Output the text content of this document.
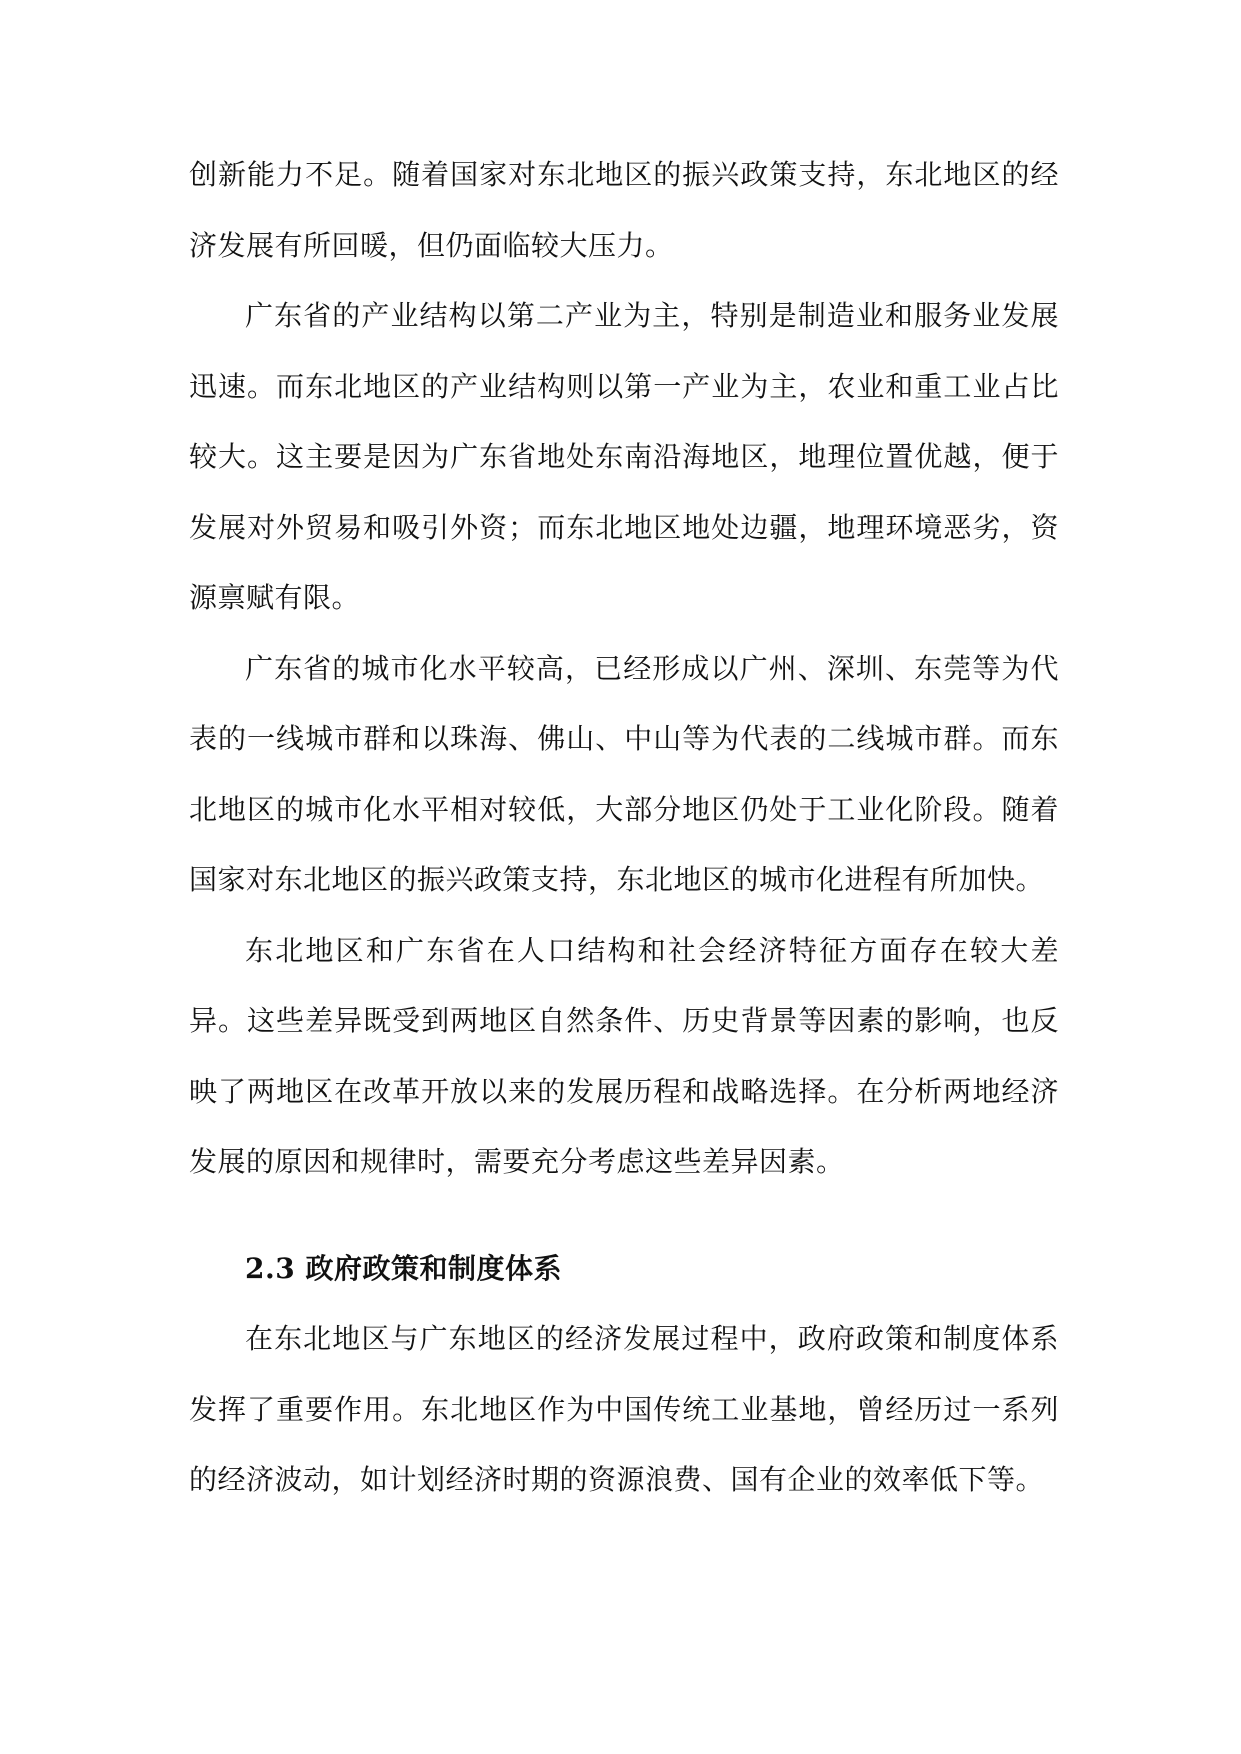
创新能力不足。随着国家对东北地区的振兴政策支持，东北地区的经济发展有所回暖，但仍面临较大压力。

广东省的产业结构以第二产业为主，特别是制造业和服务业发展迅速。而东北地区的产业结构则以第一产业为主，农业和重工业占比较大。这主要是因为广东省地处东南沿海地区，地理位置优越，便于发展对外贸易和吸引外资；而东北地区地处边疆，地理环境恶劣，资源禀赋有限。

广东省的城市化水平较高，已经形成以广州、深圳、东莞等为代表的一线城市群和以珠海、佛山、中山等为代表的二线城市群。而东北地区的城市化水平相对较低，大部分地区仍处于工业化阶段。随着国家对东北地区的振兴政策支持，东北地区的城市化进程有所加快。

东北地区和广东省在人口结构和社会经济特征方面存在较大差异。这些差异既受到两地区自然条件、历史背景等因素的影响，也反映了两地区在改革开放以来的发展历程和战略选择。在分析两地经济发展的原因和规律时，需要充分考虑这些差异因素。

2.3 政府政策和制度体系

在东北地区与广东地区的经济发展过程中，政府政策和制度体系发挥了重要作用。东北地区作为中国传统工业基地，曾经历过一系列的经济波动，如计划经济时期的资源浪费、国有企业的效率低下等。
